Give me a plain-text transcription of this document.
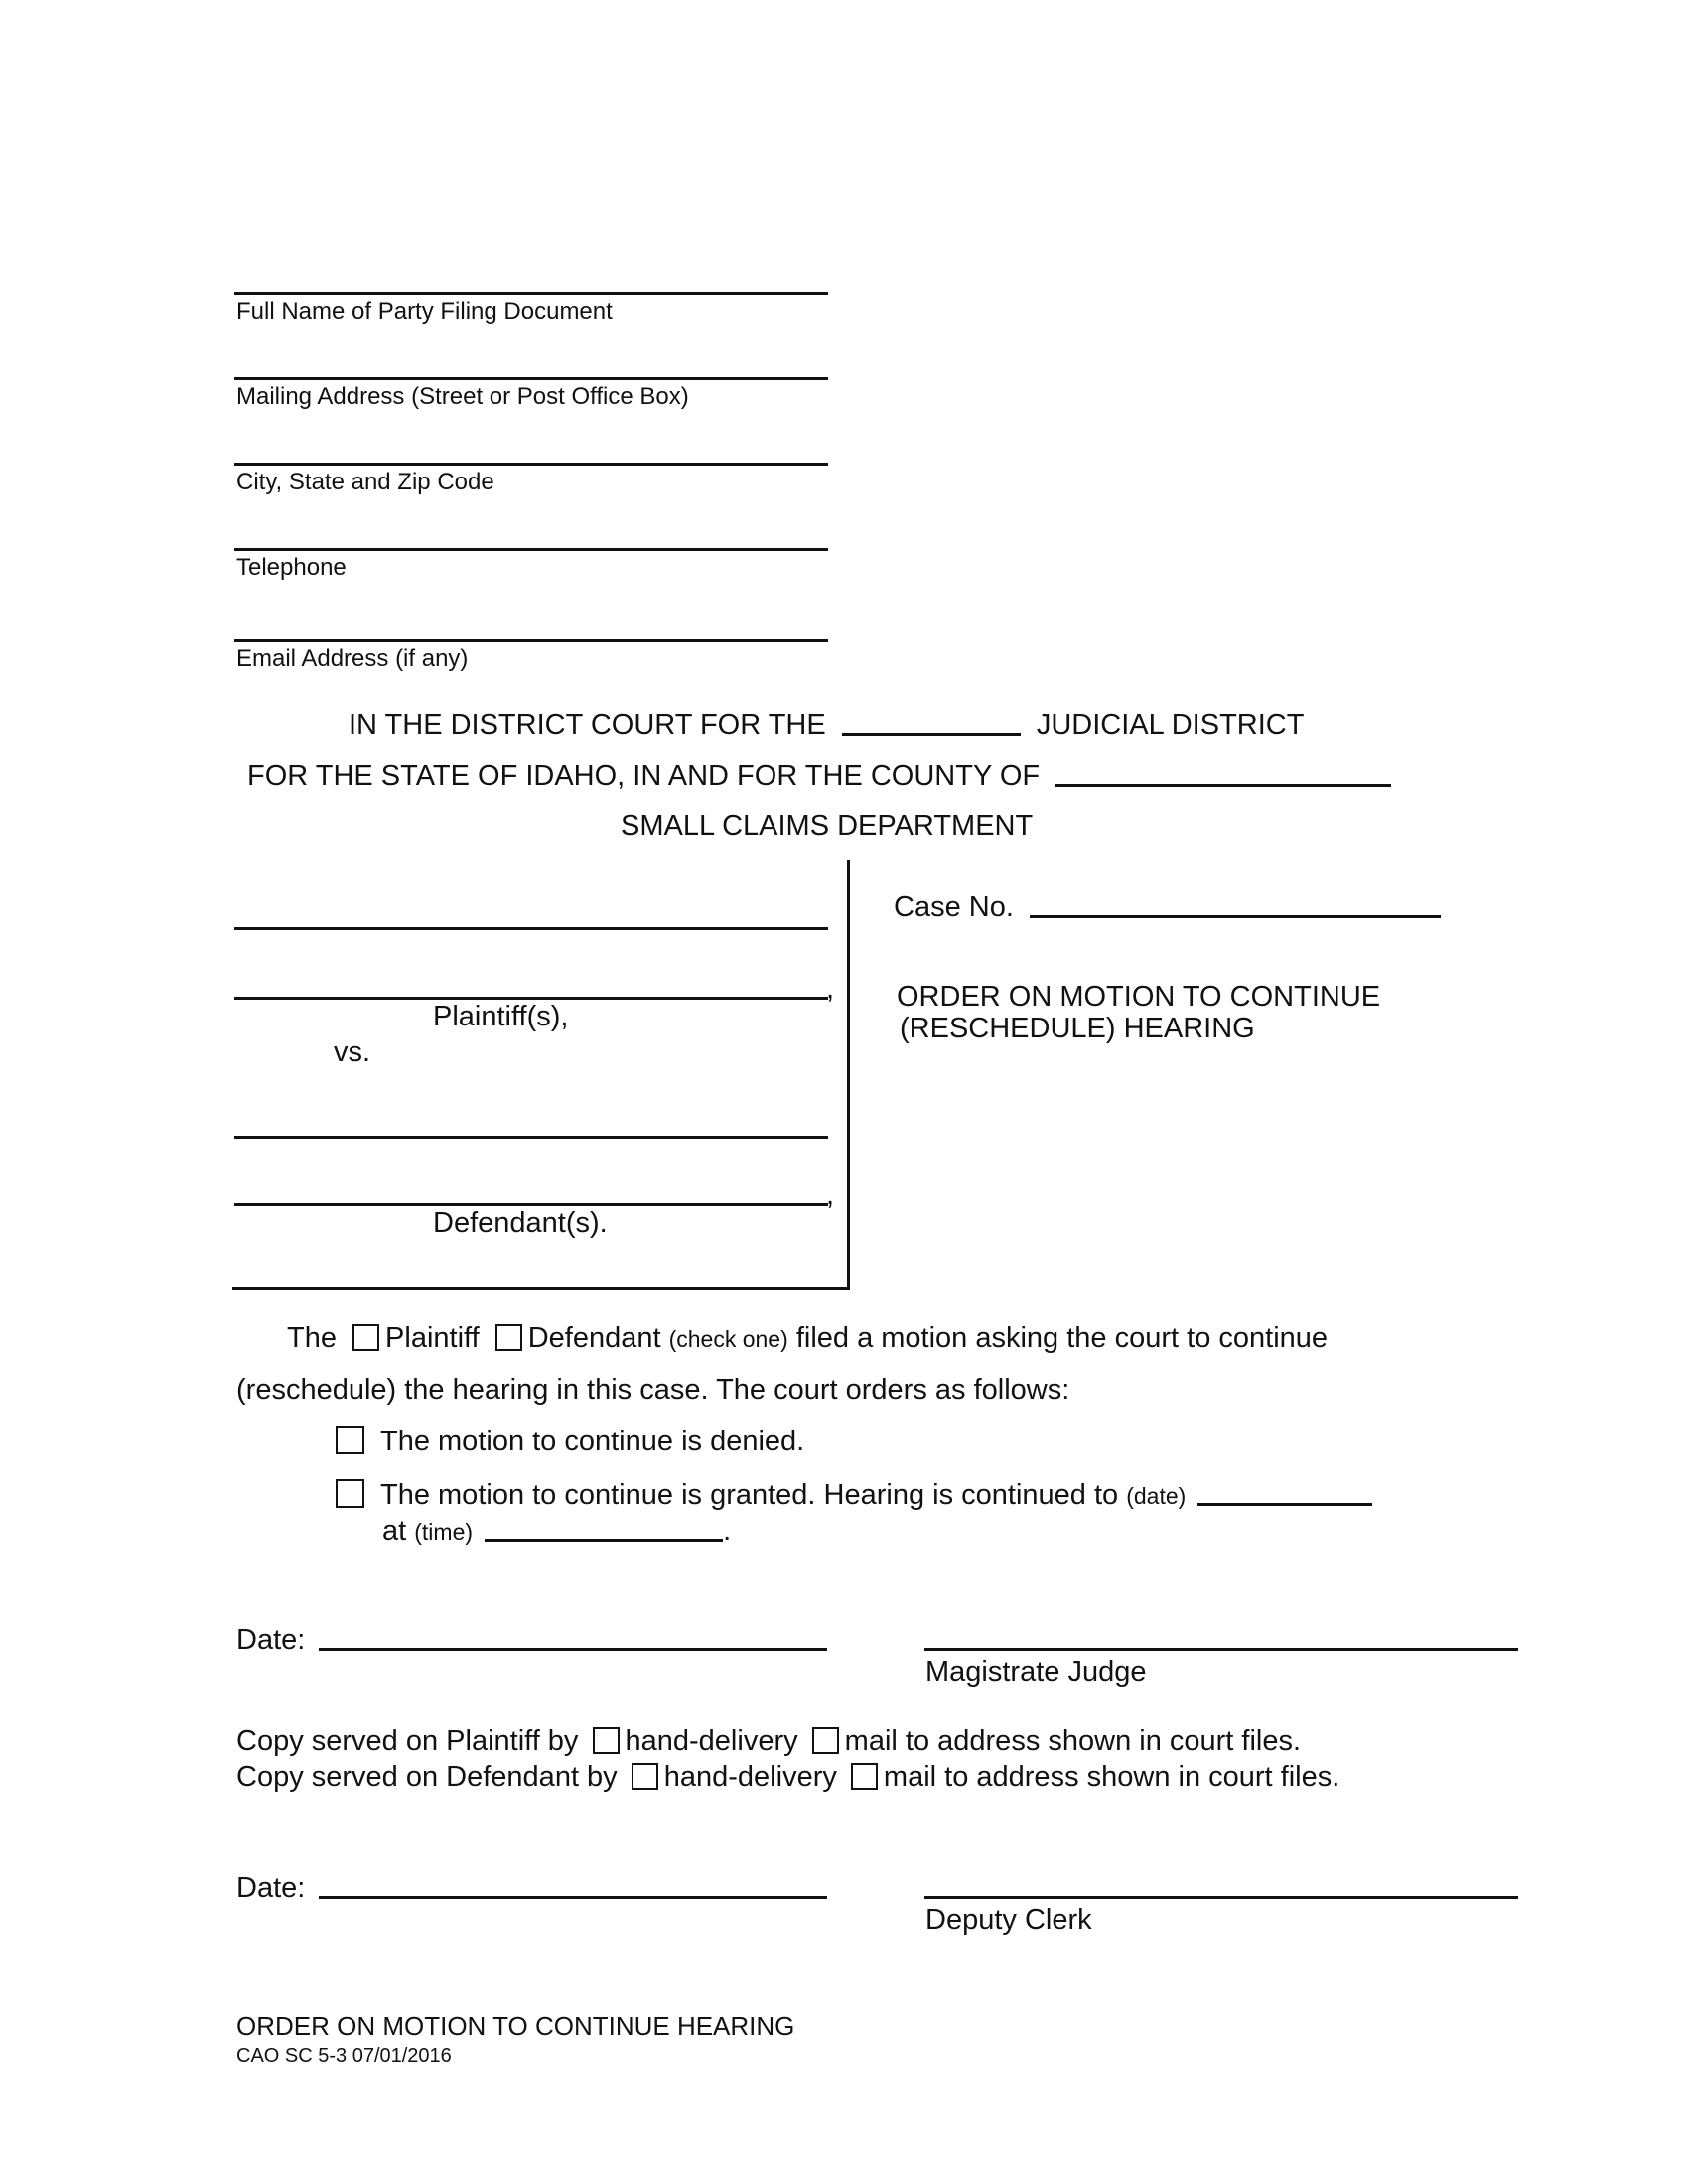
Full Name of Party Filing Document
Mailing Address (Street or Post Office Box)
City, State and Zip Code
Telephone
Email Address (if any)
IN THE DISTRICT COURT FOR THE	JUDICIAL DISTRICT
FOR THE STATE OF IDAHO, IN AND FOR THE COUNTY OF
SMALL CLAIMS DEPARTMENT
,
Plaintiff(s),
vs.
,
Defendant(s).
Case No.
ORDER ON MOTION TO CONTINUE
(RESCHEDULE) HEARING
The Plaintiff Defendant (check one) filed a motion asking the court to continue
(reschedule) the hearing in this case. The court orders as follows:
The motion to continue is denied.
The motion to continue is granted. Hearing is continued to (date)
at (time)	.
Date:
Magistrate Judge
Copy served on Plaintiff by hand-delivery mail to address shown in court files.
Copy served on Defendant by hand-delivery mail to address shown in court files.
Date:
Deputy Clerk
ORDER ON MOTION TO CONTINUE HEARING
CAO SC 5-3 07/01/2016
